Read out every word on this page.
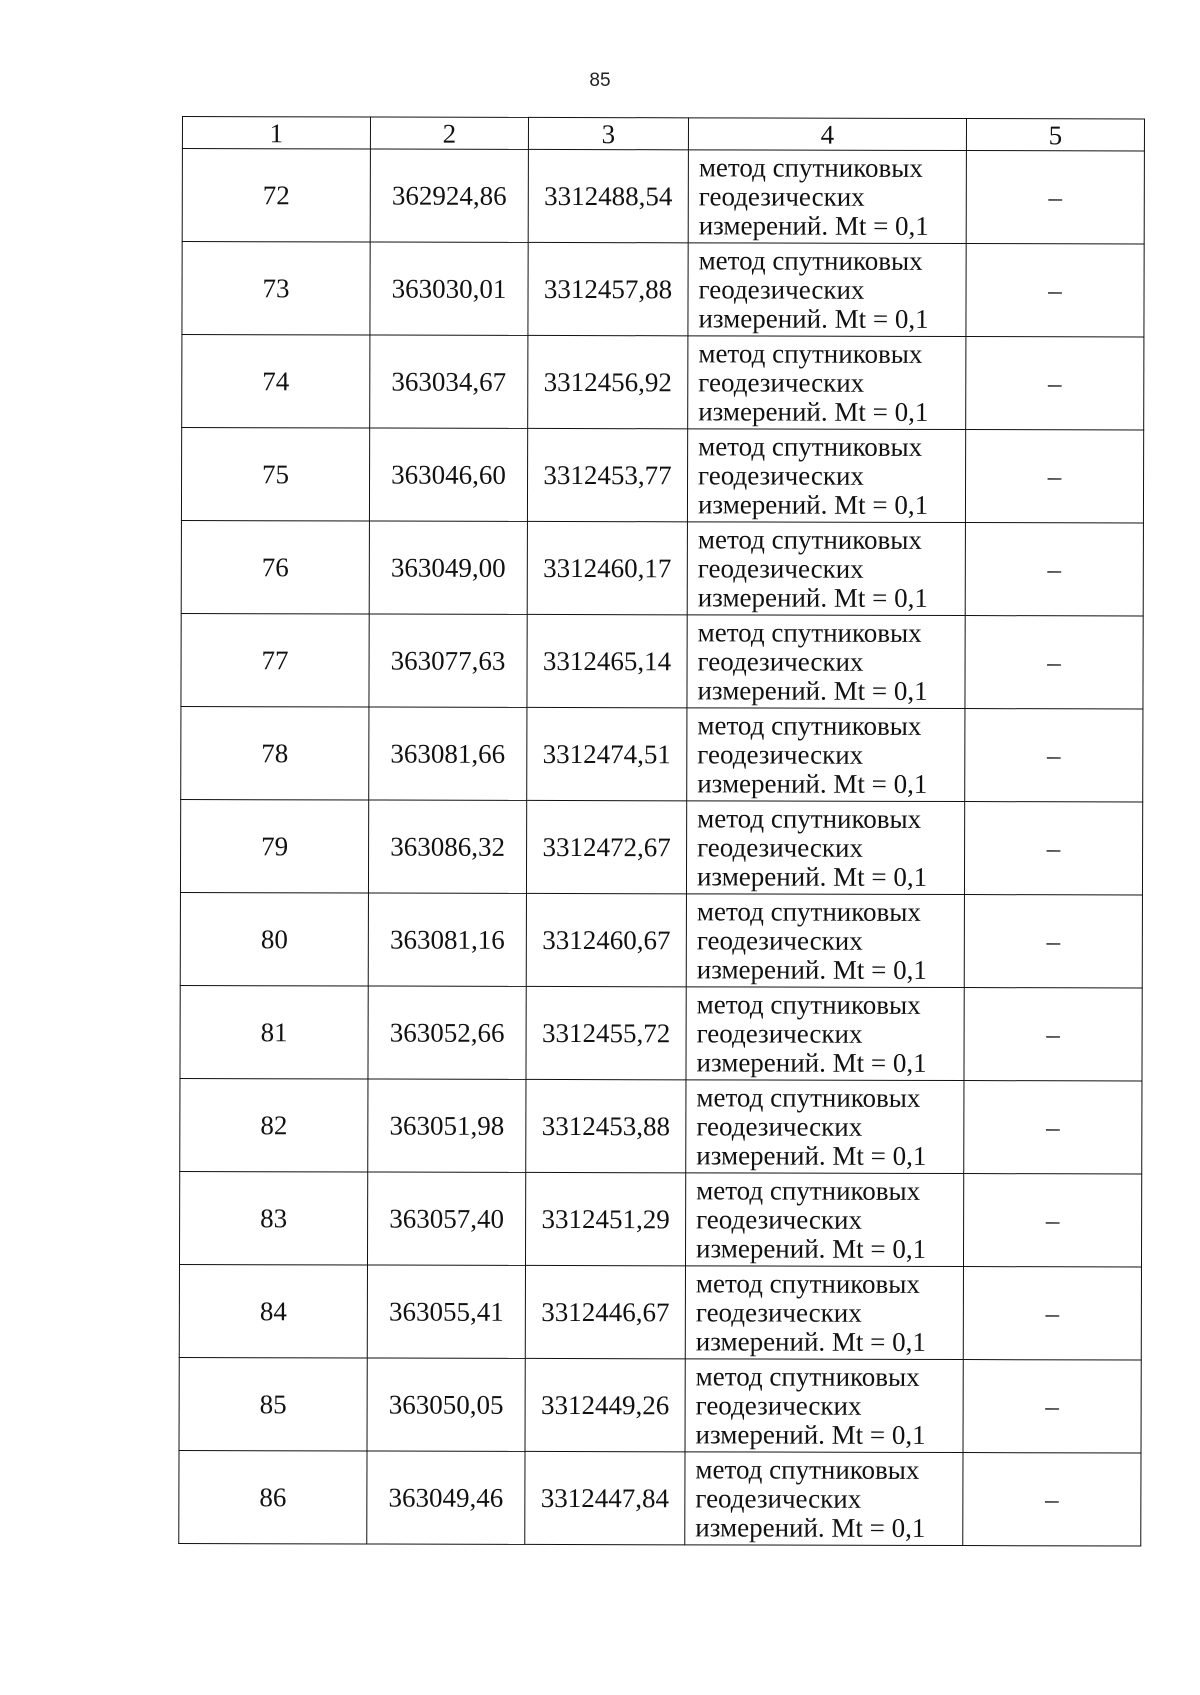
85
1	2	3	4	5
72	362924,86	3312488,54	метод спутниковых
геодезических
измерений. Mt = 0,1	–
73	363030,01	3312457,88	метод спутниковых
геодезических
измерений. Mt = 0,1	–
74	363034,67	3312456,92	метод спутниковых
геодезических
измерений. Mt = 0,1	–
75	363046,60	3312453,77	метод спутниковых
геодезических
измерений. Mt = 0,1	–
76	363049,00	3312460,17	метод спутниковых
геодезических
измерений. Mt = 0,1	–
77	363077,63	3312465,14	метод спутниковых
геодезических
измерений. Mt = 0,1	–
78	363081,66	3312474,51	метод спутниковых
геодезических
измерений. Mt = 0,1	–
79	363086,32	3312472,67	метод спутниковых
геодезических
измерений. Mt = 0,1	–
80	363081,16	3312460,67	метод спутниковых
геодезических
измерений. Mt = 0,1	–
81	363052,66	3312455,72	метод спутниковых
геодезических
измерений. Mt = 0,1	–
82	363051,98	3312453,88	метод спутниковых
геодезических
измерений. Mt = 0,1	–
83	363057,40	3312451,29	метод спутниковых
геодезических
измерений. Mt = 0,1	–
84	363055,41	3312446,67	метод спутниковых
геодезических
измерений. Mt = 0,1	–
85	363050,05	3312449,26	метод спутниковых
геодезических
измерений. Mt = 0,1	–
86	363049,46	3312447,84	метод спутниковых
геодезических
измерений. Mt = 0,1	–
